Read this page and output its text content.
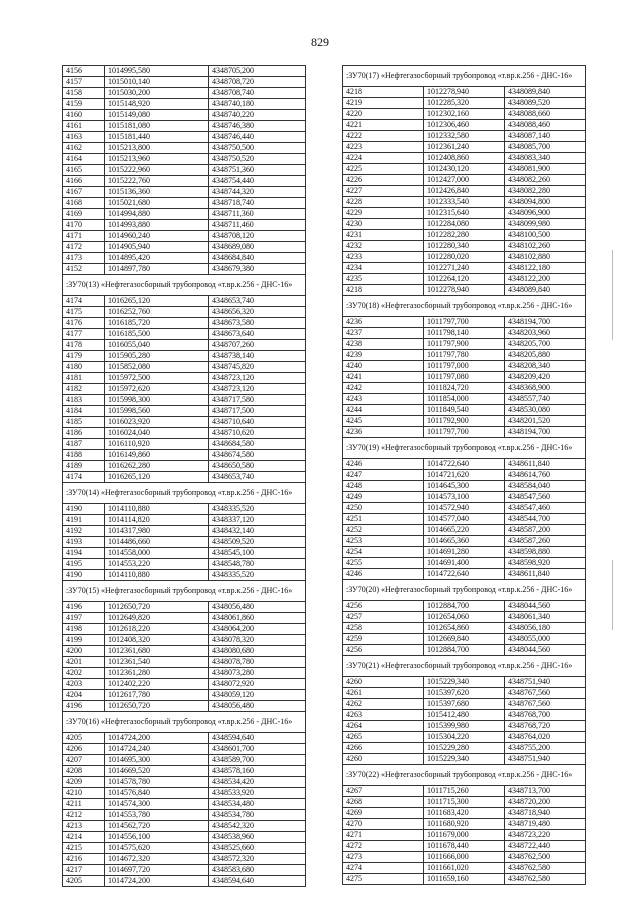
829
4156	1014995,580	4348705,200
4157	1015010,140	4348708,720
4158	1015030,200	4348708,740
4159	1015148,920	4348740,180
4160	1015149,080	4348740,220
4161	1015181,080	4348746,380
4163	1015181,440	4348746,440
4162	1015213,800	4348750,500
4164	1015213,960	4348750,520
4165	1015222,960	4348751,360
4166	1015222,760	4348754,440
4167	1015136,360	4348744,320
4168	1015021,680	4348718,740
4169	1014994,880	4348711,360
4170	1014993,880	4348711,460
4171	1014960,240	4348708,120
4172	1014905,940	4348689,080
4173	1014895,420	4348684,840
4152	1014897,780	4348679,380
:ЗУ70(13) «Нефтегазосборный трубопровод «т.вр.к.256 - ДНС-16»		
4174	1016265,120	4348653,740
4175	1016252,760	4348656,320
4176	1016185,720	4348673,580
4177	1016185,500	4348673,640
4178	1016055,040	4348707,260
4179	1015905,280	4348738,140
4180	1015852,080	4348745,820
4181	1015972,500	4348723,120
4182	1015972,620	4348723,120
4183	1015998,300	4348717,580
4184	1015998,560	4348717,500
4185	1016023,920	4348710,640
4186	1016024,040	4348710,620
4187	1016110,920	4348684,580
4188	1016149,860	4348674,580
4189	1016262,280	4348650,580
4174	1016265,120	4348653,740
:ЗУ70(14) «Нефтегазосборный трубопровод «т.вр.к.256 - ДНС-16»		
4190	1014110,880	4348335,520
4191	1014114,820	4348337,120
4192	1014317,980	4348432,140
4193	1014486,660	4348509,520
4194	1014558,000	4348545,100
4195	1014553,220	4348548,780
4190	1014110,880	4348335,520
:ЗУ70(15) «Нефтегазосборный трубопровод «т.вр.к.256 - ДНС-16»		
4196	1012650,720	4348056,480
4197	1012649,820	4348061,860
4198	1012618,220	4348064,200
4199	1012408,320	4348078,320
4200	1012361,680	4348080,680
4201	1012361,540	4348078,780
4202	1012361,280	4348073,280
4203	1012402,220	4348072,920
4204	1012617,780	4348059,120
4196	1012650,720	4348056,480
:ЗУ70(16) «Нефтегазосборный трубопровод «т.вр.к.256 - ДНС-16»		
4205	1014724,200	4348594,640
4206	1014724,240	4348601,700
4207	1014695,300	4348589,700
4208	1014669,520	4348578,160
4209	1014578,780	4348534,420
4210	1014576,840	4348533,920
4211	1014574,300	4348534,480
4212	1014553,780	4348534,780
4213	1014562,720	4348542,320
4214	1014556,100	4348538,960
4215	1014575,620	4348525,660
4216	1014672,320	4348572,320
4217	1014697,720	4348583,680
4205	1014724,200	4348594,640
:ЗУ70(17) «Нефтегазосборный трубопровод «т.вр.к.256 - ДНС-16»		
4218	1012278,940	4348089,840
4219	1012285,320	4348089,520
4220	1012302,160	4348088,660
4221	1012306,460	4348088,460
4222	1012332,580	4348087,140
4223	1012361,240	4348085,700
4224	1012408,860	4348083,340
4225	1012430,120	4348081,900
4226	1012427,000	4348082,260
4227	1012426,840	4348082,280
4228	1012333,540	4348094,800
4229	1012315,640	4348096,900
4230	1012284,080	4348099,980
4231	1012282,280	4348100,500
4232	1012280,340	4348102,260
4233	1012280,020	4348102,880
4234	1012271,240	4348122,180
4235	1012264,120	4348122,200
4218	1012278,940	4348089,840
:ЗУ70(18) «Нефтегазосборный трубопровод «т.вр.к.256 - ДНС-16»		
4236	1011797,700	4348194,700
4237	1011798,140	4348203,960
4238	1011797,900	4348205,700
4239	1011797,780	4348205,880
4240	1011797,000	4348208,340
4241	1011797,080	4348209,420
4242	1011824,720	4348368,900
4243	1011854,000	4348557,740
4244	1011849,540	4348530,080
4245	1011792,900	4348201,520
4236	1011797,700	4348194,700
:ЗУ70(19) «Нефтегазосборный трубопровод «т.вр.к.256 - ДНС-16»		
4246	1014722,640	4348611,840
4247	1014721,620	4348614,760
4248	1014645,300	4348584,040
4249	1014573,100	4348547,560
4250	1014572,940	4348547,460
4251	1014577,040	4348544,700
4252	1014665,220	4348587,200
4253	1014665,360	4348587,260
4254	1014691,280	4348598,880
4255	1014691,400	4348598,920
4246	1014722,640	4348611,840
:ЗУ70(20) «Нефтегазосборный трубопровод «т.вр.к.256 - ДНС-16»		
4256	1012884,700	4348044,560
4257	1012654,060	4348061,340
4258	1012654,860	4348056,180
4259	1012669,840	4348055,000
4256	1012884,700	4348044,560
:ЗУ70(21) «Нефтегазосборный трубопровод «т.вр.к.256 - ДНС-16»		
4260	1015229,340	4348751,940
4261	1015397,620	4348767,560
4262	1015397,680	4348767,560
4263	1015412,480	4348768,700
4264	1015399,980	4348768,720
4265	1015304,220	4348764,020
4266	1015229,280	4348755,200
4260	1015229,340	4348751,940
:ЗУ70(22) «Нефтегазосборный трубопровод «т.вр.к.256 - ДНС-16»		
4267	1011715,260	4348713,700
4268	1011715,300	4348720,200
4269	1011683,420	4348718,940
4270	1011680,920	4348719,480
4271	1011679,000	4348723,220
4272	1011678,440	4348722,440
4273	1011666,000	4348762,500
4274	1011661,020	4348762,580
4275	1011659,160	4348762,580
